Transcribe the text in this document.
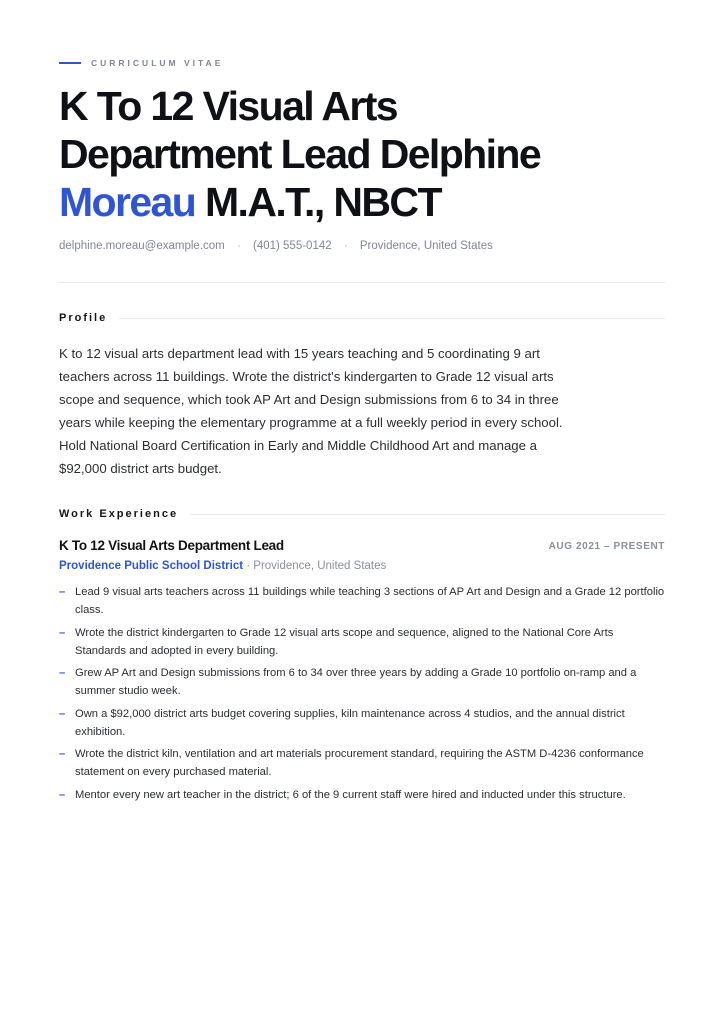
CURRICULUM VITAE
K To 12 Visual Arts
Department Lead Delphine
Moreau M.A.T., NBCT
delphine.moreau@example.com · (401) 555-0142 · Providence, United States
Profile

K to 12 visual arts department lead with 15 years teaching and 5 coordinating 9 art teachers across 11 buildings. Wrote the district's kindergarten to Grade 12 visual arts scope and sequence, which took AP Art and Design submissions from 6 to 34 in three years while keeping the elementary programme at a full weekly period in every school. Hold National Board Certification in Early and Middle Childhood Art and manage a $92,000 district arts budget.

Work Experience
K To 12 Visual Arts Department Lead	AUG 2021 – PRESENT
Providence Public School District · Providence, United States
– Lead 9 visual arts teachers across 11 buildings while teaching 3 sections of AP Art and Design and a Grade 12 portfolio class.
– Wrote the district kindergarten to Grade 12 visual arts scope and sequence, aligned to the National Core Arts Standards and adopted in every building.
– Grew AP Art and Design submissions from 6 to 34 over three years by adding a Grade 10 portfolio on-ramp and a summer studio week.
– Own a $92,000 district arts budget covering supplies, kiln maintenance across 4 studios, and the annual district exhibition.
– Wrote the district kiln, ventilation and art materials procurement standard, requiring the ASTM D-4236 conformance statement on every purchased material.
– Mentor every new art teacher in the district; 6 of the 9 current staff were hired and inducted under this structure.
